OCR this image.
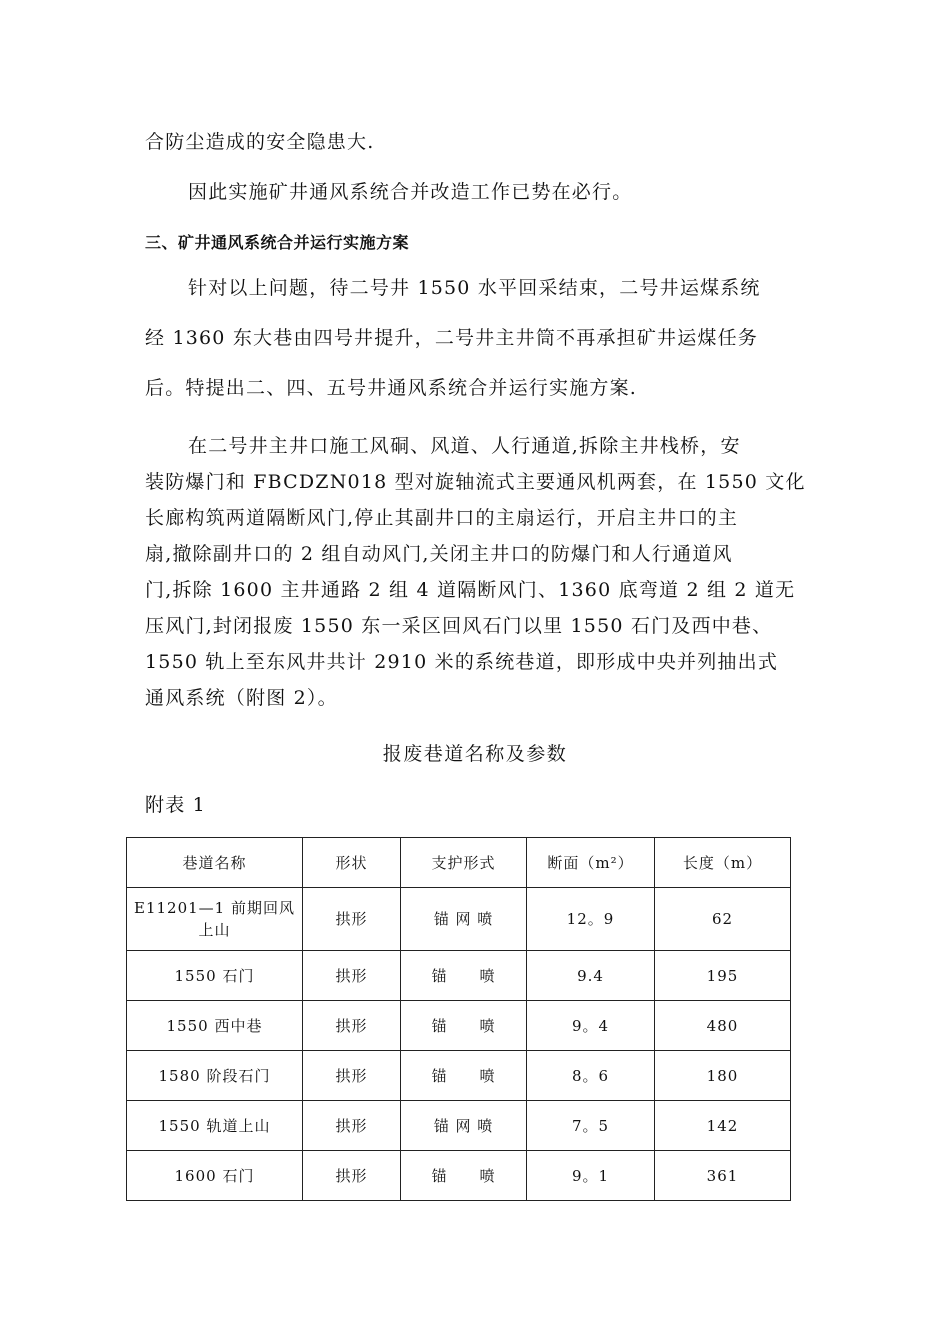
合防尘造成的安全隐患大.
因此实施矿井通风系统合并改造工作已势在必行。
三、矿井通风系统合并运行实施方案
针对以上问题，待二号井 1550 水平回采结束，二号井运煤系统
经 1360 东大巷由四号井提升，二号井主井筒不再承担矿井运煤任务
后。特提出二、四、五号井通风系统合并运行实施方案.
在二号井主井口施工风硐、风道、人行通道,拆除主井栈桥，安
装防爆门和 FBCDZN018 型对旋轴流式主要通风机两套，在 1550 文化
长廊构筑两道隔断风门,停止其副井口的主扇运行，开启主井口的主
扇,撤除副井口的 2 组自动风门,关闭主井口的防爆门和人行通道风
门,拆除 1600 主井通路 2 组 4 道隔断风门、1360 底弯道 2 组 2 道无
压风门,封闭报废 1550 东一采区回风石门以里 1550 石门及西中巷、
1550 轨上至东风井共计 2910 米的系统巷道，即形成中央并列抽出式
通风系统（附图 2）。
报废巷道名称及参数
附表 1
巷道名称	形状	支护形式	断面（m²）	长度（m）
E11201—1 前期回风上山	拱形	锚 网 喷	12。9	62
1550 石门	拱形	锚　　喷	9.4	195
1550 西中巷	拱形	锚　　喷	9。4	480
1580 阶段石门	拱形	锚　　喷	8。6	180
1550 轨道上山	拱形	锚 网 喷	7。5	142
1600 石门	拱形	锚　　喷	9。1	361
